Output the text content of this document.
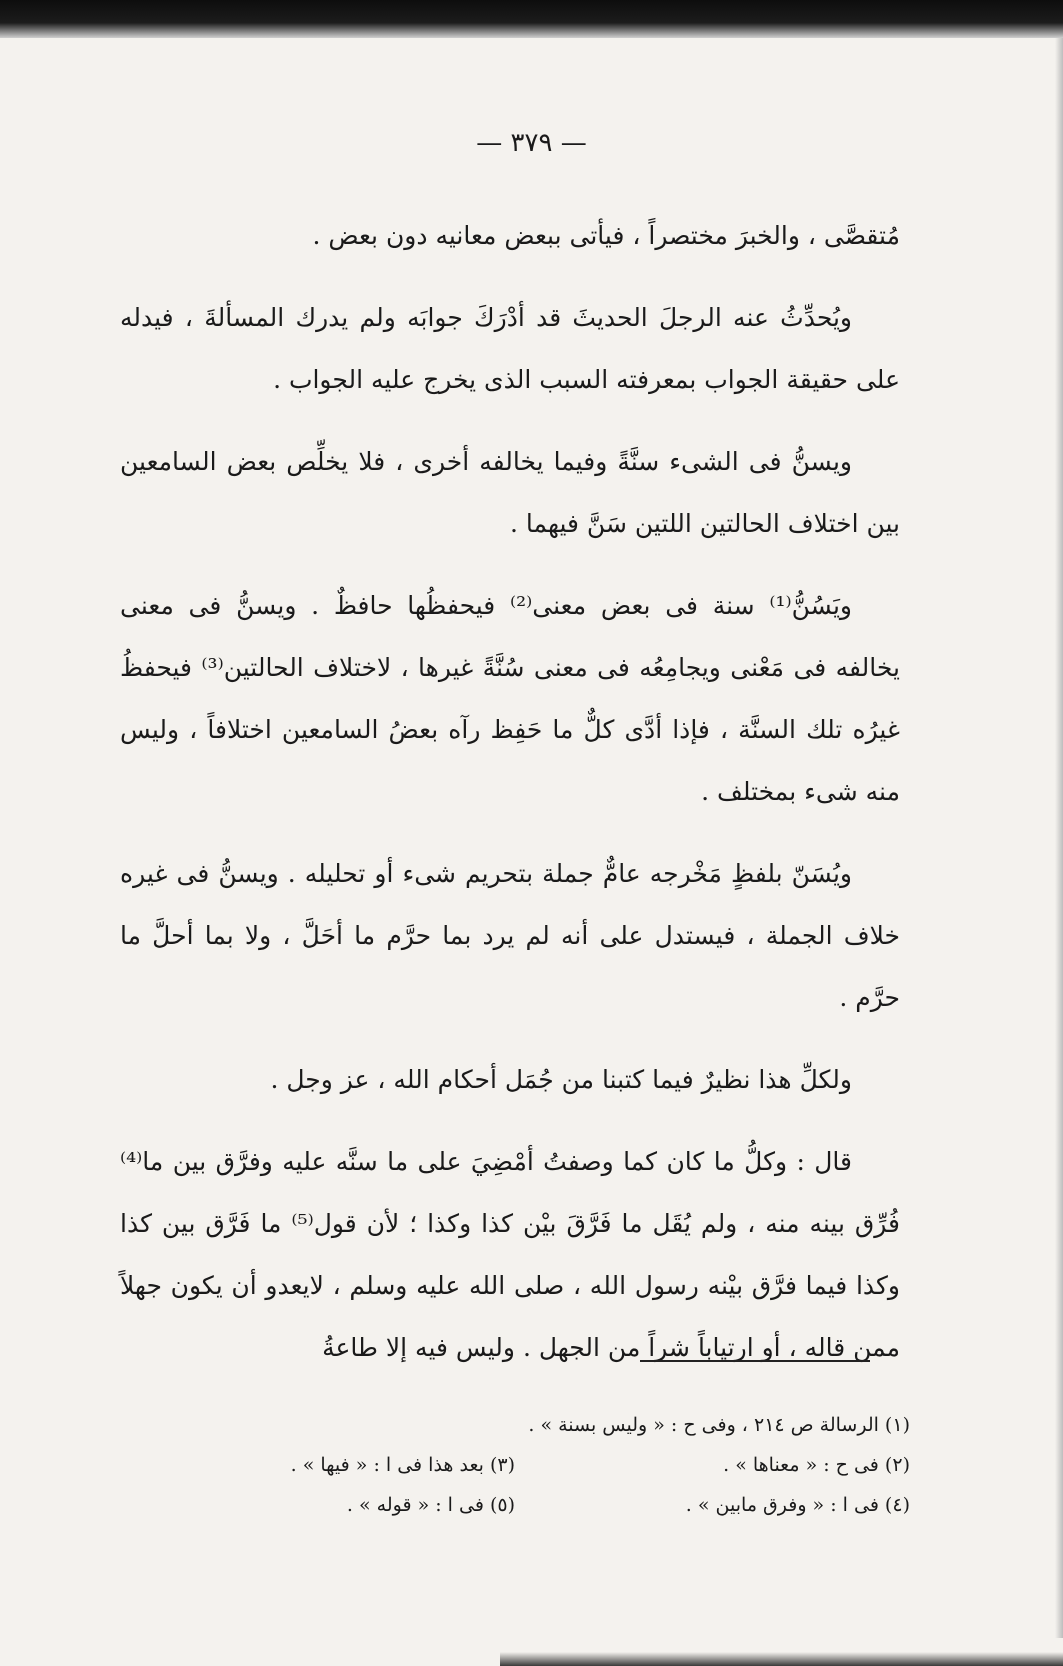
— ٣٧٩ —

مُتقصَّى ، والخبرَ مختصراً ، فيأتى ببعض معانيه دون بعض .

ويُحدِّثُ عنه الرجلَ الحديثَ قد أدْرَكَ جوابَه ولم يدرك المسألةَ ، فيدله على حقيقة الجواب بمعرفته السبب الذى يخرج عليه الجواب .

ويسنُّ فى الشىء سنَّةً وفيما يخالفه أخرى ، فلا يخلِّص بعض السامعين بين اختلاف الحالتين اللتين سَنَّ فيهما .

ويَسُنُّ⁽¹⁾ سنة فى بعض معنى⁽²⁾ فيحفظُها حافظٌ . ويسنُّ فى معنى يخالفه فى مَعْنى ويجامِعُه فى معنى سُنَّةً غيرها ، لاختلاف الحالتين⁽³⁾ فيحفظُ غيرُه تلك السنَّة ، فإذا أدَّى كلٌّ ما حَفِظ رآه بعضُ السامعين اختلافاً ، وليس منه شىء بمختلف .

ويُسَنّ بلفظٍ مَخْرجه عامٌّ جملة بتحريم شىء أو تحليله . ويسنُّ فى غيره خلاف الجملة ، فيستدل على أنه لم يرد بما حرَّم ما أحَلَّ ، ولا بما أحلَّ ما حرَّم .

ولكلِّ هذا نظيرٌ فيما كتبنا من جُمَل أحكام الله ، عز وجل .

قال : وكلُّ ما كان كما وصفتُ أمْضِيَ على ما سنَّه عليه وفرَّق بين ما⁽⁴⁾ فُرِّق بينه منه ، ولم يُقَل ما فَرَّقَ بيْن كذا وكذا ؛ لأن قول⁽⁵⁾ ما فَرَّق بين كذا وكذا فيما فرَّق بيْنه رسول الله ، صلى الله عليه وسلم ، لايعدو أن يكون جهلاً ممن قاله ، أو ارتياباً شراً من الجهل . وليس فيه إلا طاعةُ

(١) الرسالة ص ٢١٤ ، وفى ح : « وليس بسنة » .
(٢) فى ح : « معناها » .
(٣) بعد هذا فى ا : « فيها » .
(٤) فى ا : « وفرق مابين » .
(٥) فى ا : « قوله » .
